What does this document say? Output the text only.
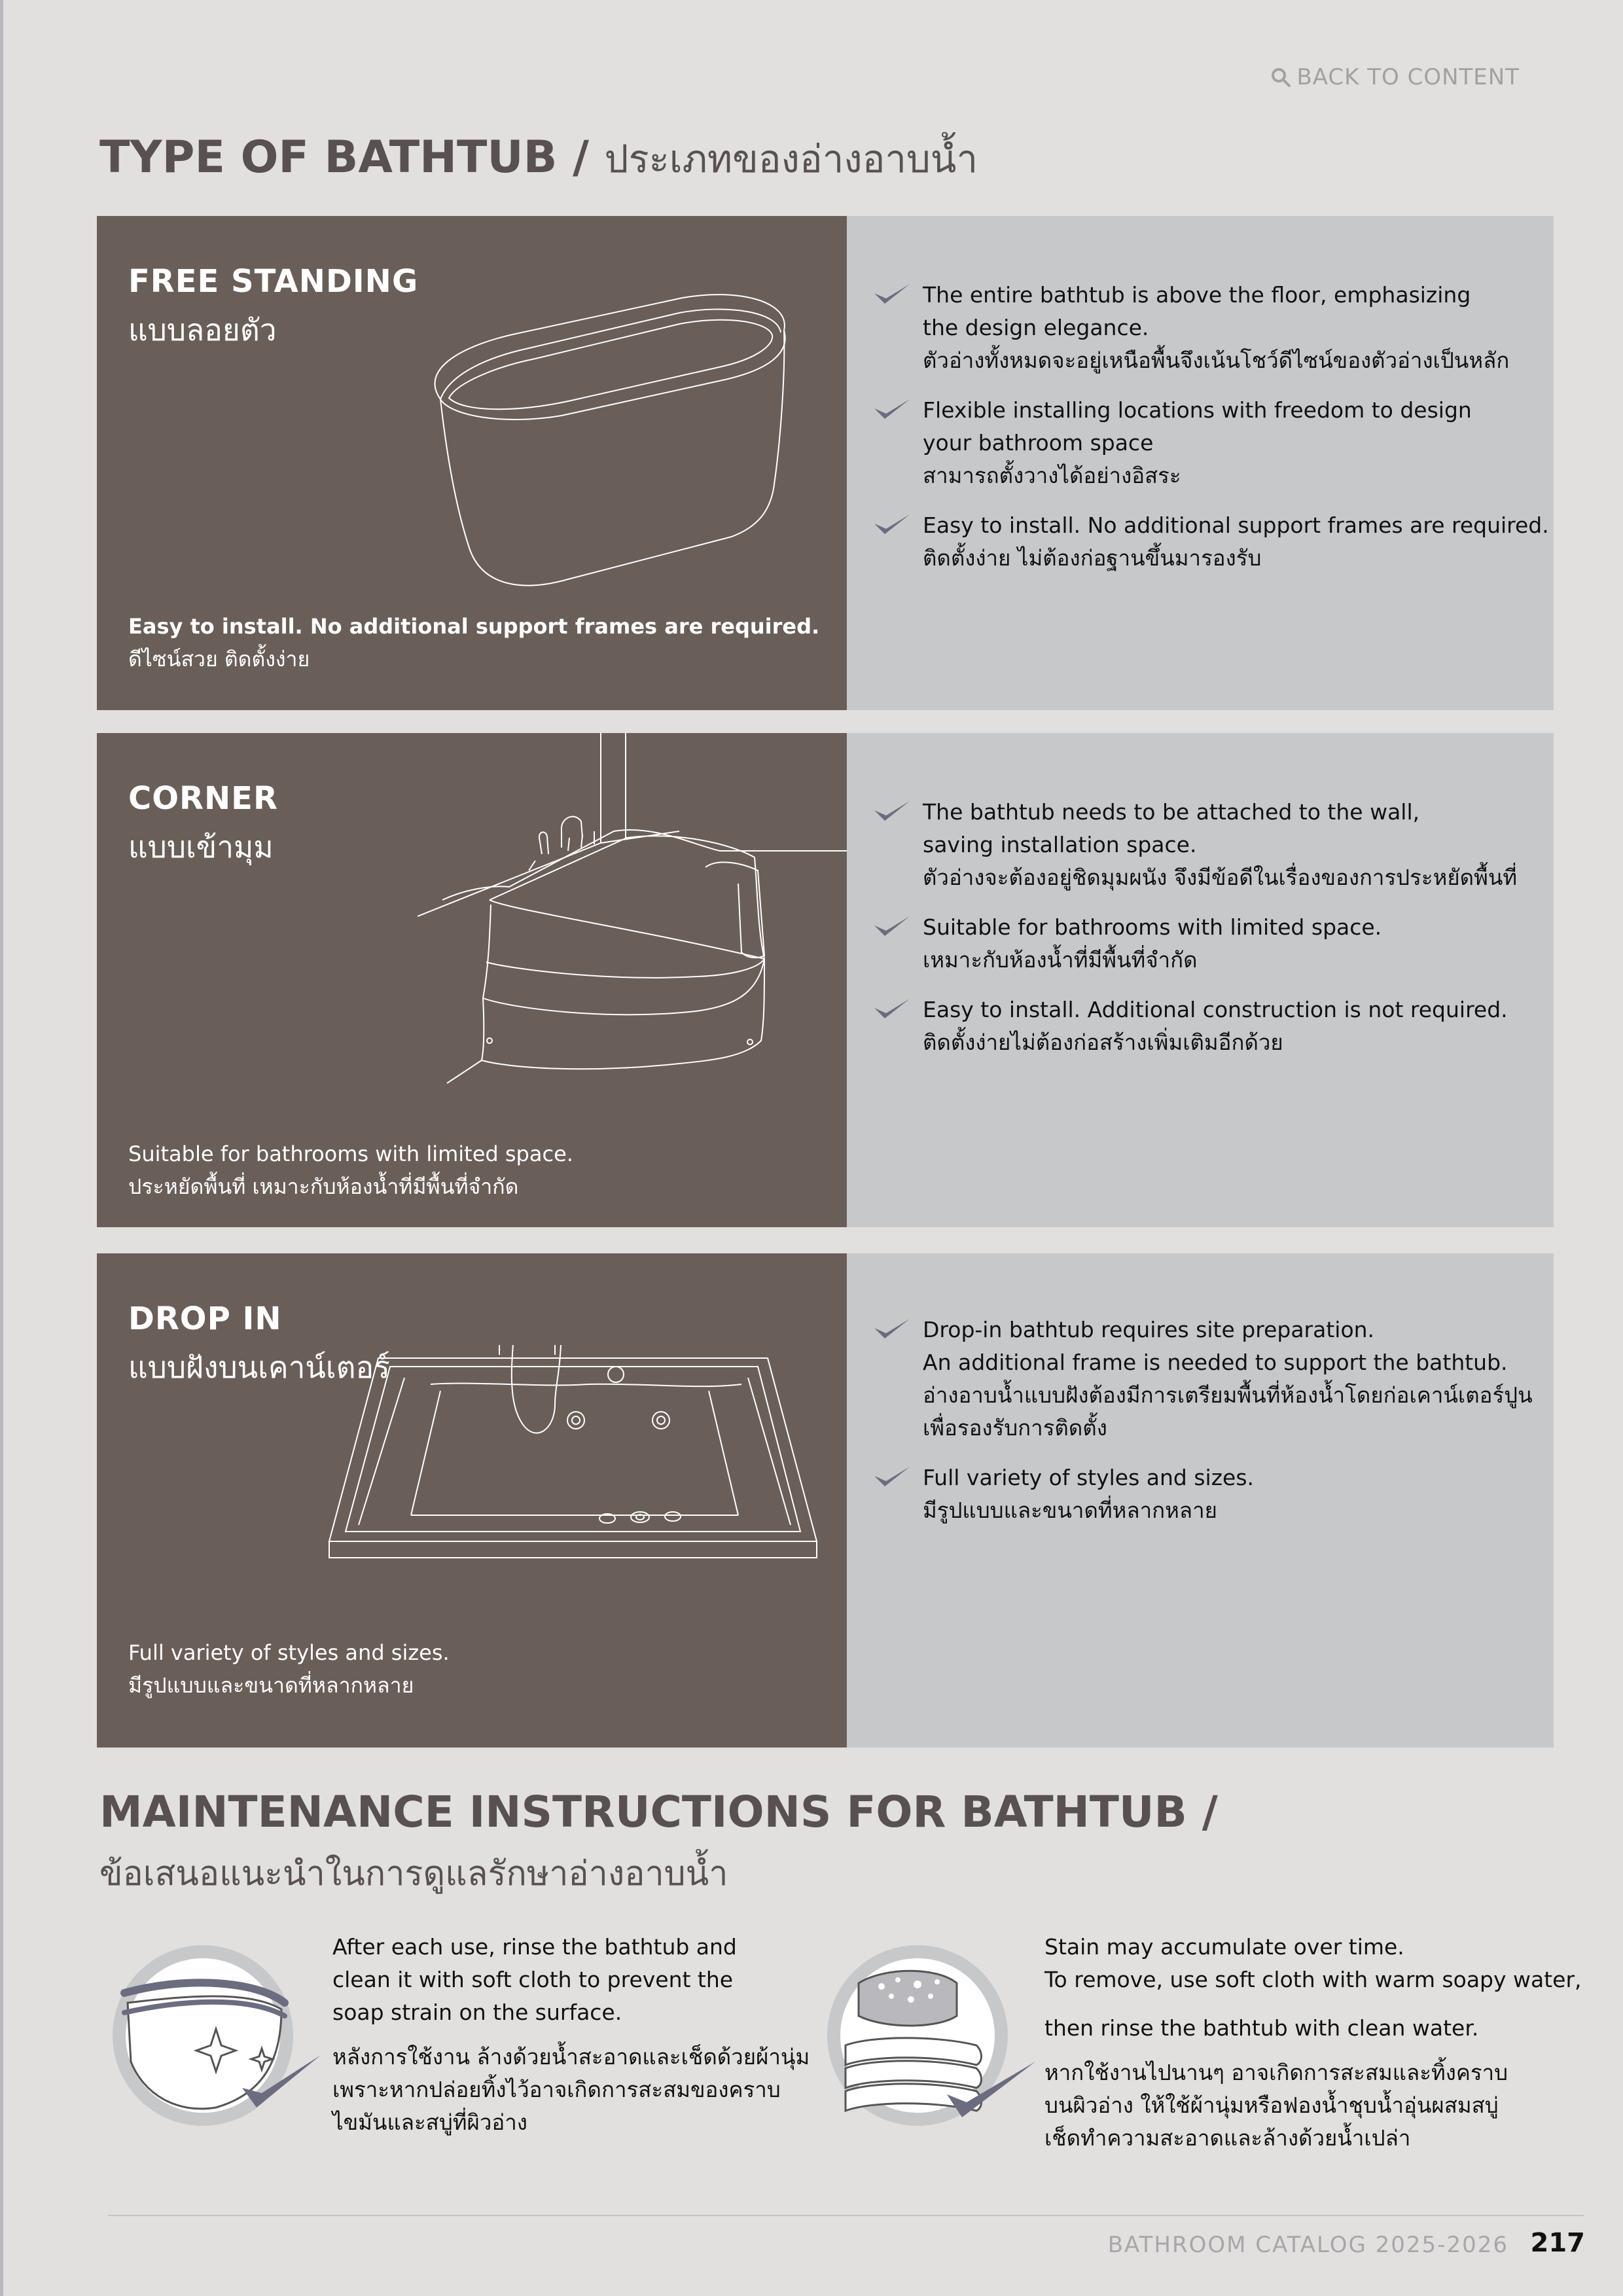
BACK TO CONTENT
TYPE OF BATHTUB / ประเภทของอ่างอาบน้ำ
FREE STANDING
แบบลอยตัว
Easy to install. No additional support frames are required.
ดีไซน์สวย ติดตั้งง่าย

The entire bathtub is above the floor, emphasizing

the design elegance.

ตัวอ่างทั้งหมดจะอยู่เหนือพื้นจึงเน้นโชว์ดีไซน์ของตัวอ่างเป็นหลัก

Flexible installing locations with freedom to design

your bathroom space

สามารถตั้งวางได้อย่างอิสระ

Easy to install. No additional support frames are required.

ติดตั้งง่าย ไม่ต้องก่อฐานขึ้นมารองรับ

CORNER
แบบเข้ามุม
Suitable for bathrooms with limited space.
ประหยัดพื้นที่ เหมาะกับห้องน้ำที่มีพื้นที่จำกัด

The bathtub needs to be attached to the wall,

saving installation space.

ตัวอ่างจะต้องอยู่ชิดมุมผนัง จึงมีข้อดีในเรื่องของการประหยัดพื้นที่

Suitable for bathrooms with limited space.

เหมาะกับห้องน้ำที่มีพื้นที่จำกัด

Easy to install. Additional construction is not required.

ติดตั้งง่ายไม่ต้องก่อสร้างเพิ่มเติมอีกด้วย

DROP IN
แบบฝังบนเคาน์เตอร์
Full variety of styles and sizes.
มีรูปแบบและขนาดที่หลากหลาย

Drop-in bathtub requires site preparation.

An additional frame is needed to support the bathtub.

อ่างอาบน้ำแบบฝังต้องมีการเตรียมพื้นที่ห้องน้ำโดยก่อเคาน์เตอร์ปูน

เพื่อรองรับการติดตั้ง

Full variety of styles and sizes.

มีรูปแบบและขนาดที่หลากหลาย

MAINTENANCE INSTRUCTIONS FOR BATHTUB /
ข้อเสนอแนะนำในการดูแลรักษาอ่างอาบน้ำ

After each use, rinse the bathtub and
clean it with soft cloth to prevent the
soap strain on the surface.

หลังการใช้งาน ล้างด้วยน้ำสะอาดและเช็ดด้วยผ้านุ่ม
เพราะหากปล่อยทิ้งไว้อาจเกิดการสะสมของคราบ
ไขมันและสบู่ที่ผิวอ่าง

Stain may accumulate over time.
To remove, use soft cloth with warm soapy water,

then rinse the bathtub with clean water.

หากใช้งานไปนานๆ อาจเกิดการสะสมและทิ้งคราบ
บนผิวอ่าง ให้ใช้ผ้านุ่มหรือฟองน้ำชุบน้ำอุ่นผสมสบู่
เช็ดทำความสะอาดและล้างด้วยน้ำเปล่า

BATHROOM CATALOG 2025-2026 217
